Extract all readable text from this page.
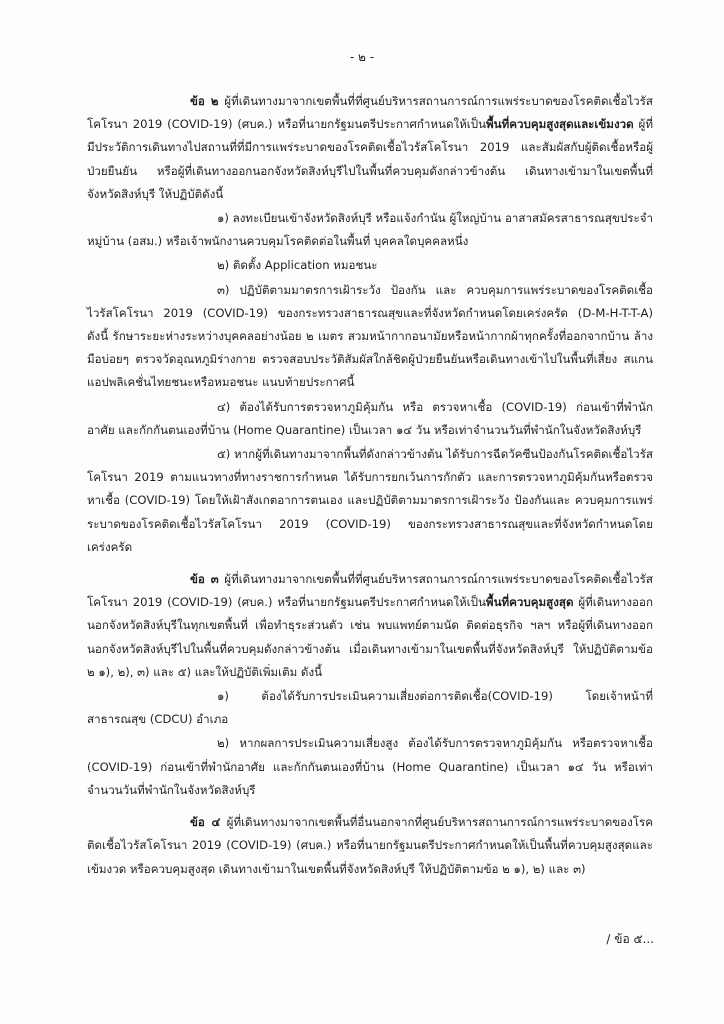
- ๒ -

ข้อ ๒ ผู้ที่เดินทางมาจากเขตพื้นที่ที่ศูนย์บริหารสถานการณ์การแพร่ระบาดของโรคติดเชื้อไวรัสโคโรนา 2019 (COVID-19) (ศบค.) หรือที่นายกรัฐมนตรีประกาศกำหนดให้เป็นพื้นที่ควบคุมสูงสุดและเข้มงวด ผู้ที่มีประวัติการเดินทางไปสถานที่ที่มีการแพร่ระบาดของโรคติดเชื้อไวรัสโคโรนา 2019 และสัมผัสกับผู้ติดเชื้อหรือผู้ป่วยยืนยัน หรือผู้ที่เดินทางออกนอกจังหวัดสิงห์บุรีไปในพื้นที่ควบคุมดังกล่าวข้างต้น เดินทางเข้ามาในเขตพื้นที่จังหวัดสิงห์บุรี ให้ปฏิบัติดังนี้

๑) ลงทะเบียนเข้าจังหวัดสิงห์บุรี หรือแจ้งกำนัน ผู้ใหญ่บ้าน อาสาสมัครสาธารณสุขประจำหมู่บ้าน (อสม.) หรือเจ้าพนักงานควบคุมโรคติดต่อในพื้นที่ บุคคลใดบุคคลหนึ่ง

๒) ติดตั้ง Application หมอชนะ

๓) ปฏิบัติตามมาตรการเฝ้าระวัง ป้องกัน และ ควบคุมการแพร่ระบาดของโรคติดเชื้อไวรัสโคโรนา 2019 (COVID-19) ของกระทรวงสาธารณสุขและที่จังหวัดกำหนดโดยเคร่งครัด (D-M-H-T-T-A) ดังนี้ รักษาระยะห่างระหว่างบุคคลอย่างน้อย ๒ เมตร สวมหน้ากากอนามัยหรือหน้ากากผ้าทุกครั้งที่ออกจากบ้าน ล้างมือบ่อยๆ ตรวจวัดอุณหภูมิร่างกาย ตรวจสอบประวัติสัมผัสใกล้ชิดผู้ป่วยยืนยันหรือเดินทางเข้าไปในพื้นที่เสี่ยง สแกนแอปพลิเคชั่นไทยชนะหรือหมอชนะ แนบท้ายประกาศนี้

๔) ต้องได้รับการตรวจหาภูมิคุ้มกัน หรือ ตรวจหาเชื้อ (COVID-19) ก่อนเข้าที่พำนักอาศัย และกักกันตนเองที่บ้าน (Home Quarantine) เป็นเวลา ๑๔ วัน หรือเท่าจำนวนวันที่พำนักในจังหวัดสิงห์บุรี

๕) หากผู้ที่เดินทางมาจากพื้นที่ดังกล่าวข้างต้น ได้รับการฉีดวัคซีนป้องกันโรคติดเชื้อไวรัสโคโรนา 2019 ตามแนวทางที่ทางราชการกำหนด ได้รับการยกเว้นการกักตัว และการตรวจหาภูมิคุ้มกันหรือตรวจหาเชื้อ (COVID-19) โดยให้เฝ้าสังเกตอาการตนเอง และปฏิบัติตามมาตรการเฝ้าระวัง ป้องกันและ ควบคุมการแพร่ระบาดของโรคติดเชื้อไวรัสโคโรนา 2019 (COVID-19) ของกระทรวงสาธารณสุขและที่จังหวัดกำหนดโดยเคร่งครัด

ข้อ ๓ ผู้ที่เดินทางมาจากเขตพื้นที่ที่ศูนย์บริหารสถานการณ์การแพร่ระบาดของโรคติดเชื้อไวรัสโคโรนา 2019 (COVID-19) (ศบค.) หรือที่นายกรัฐมนตรีประกาศกำหนดให้เป็นพื้นที่ควบคุมสูงสุด ผู้ที่เดินทางออกนอกจังหวัดสิงห์บุรีในทุกเขตพื้นที่ เพื่อทำธุระส่วนตัว เช่น พบแพทย์ตามนัด ติดต่อธุรกิจ ฯลฯ หรือผู้ที่เดินทางออกนอกจังหวัดสิงห์บุรีไปในพื้นที่ควบคุมดังกล่าวข้างต้น เมื่อเดินทางเข้ามาในเขตพื้นที่จังหวัดสิงห์บุรี ให้ปฏิบัติตามข้อ ๒ ๑), ๒), ๓) และ ๕) และให้ปฏิบัติเพิ่มเติม ดังนี้

๑) ต้องได้รับการประเมินความเสี่ยงต่อการติดเชื้อ(COVID-19) โดยเจ้าหน้าที่สาธารณสุข (CDCU) อำเภอ

๒) หากผลการประเมินความเสี่ยงสูง ต้องได้รับการตรวจหาภูมิคุ้มกัน หรือตรวจหาเชื้อ (COVID-19) ก่อนเข้าที่พำนักอาศัย และกักกันตนเองที่บ้าน (Home Quarantine) เป็นเวลา ๑๔ วัน หรือเท่าจำนวนวันที่พำนักในจังหวัดสิงห์บุรี

ข้อ ๔ ผู้ที่เดินทางมาจากเขตพื้นที่อื่นนอกจากที่ศูนย์บริหารสถานการณ์การแพร่ระบาดของโรคติดเชื้อไวรัสโคโรนา 2019 (COVID-19) (ศบค.) หรือที่นายกรัฐมนตรีประกาศกำหนดให้เป็นพื้นที่ควบคุมสูงสุดและเข้มงวด หรือควบคุมสูงสุด เดินทางเข้ามาในเขตพื้นที่จังหวัดสิงห์บุรี ให้ปฏิบัติตามข้อ ๒ ๑), ๒) และ ๓)

/ ข้อ ๕...
